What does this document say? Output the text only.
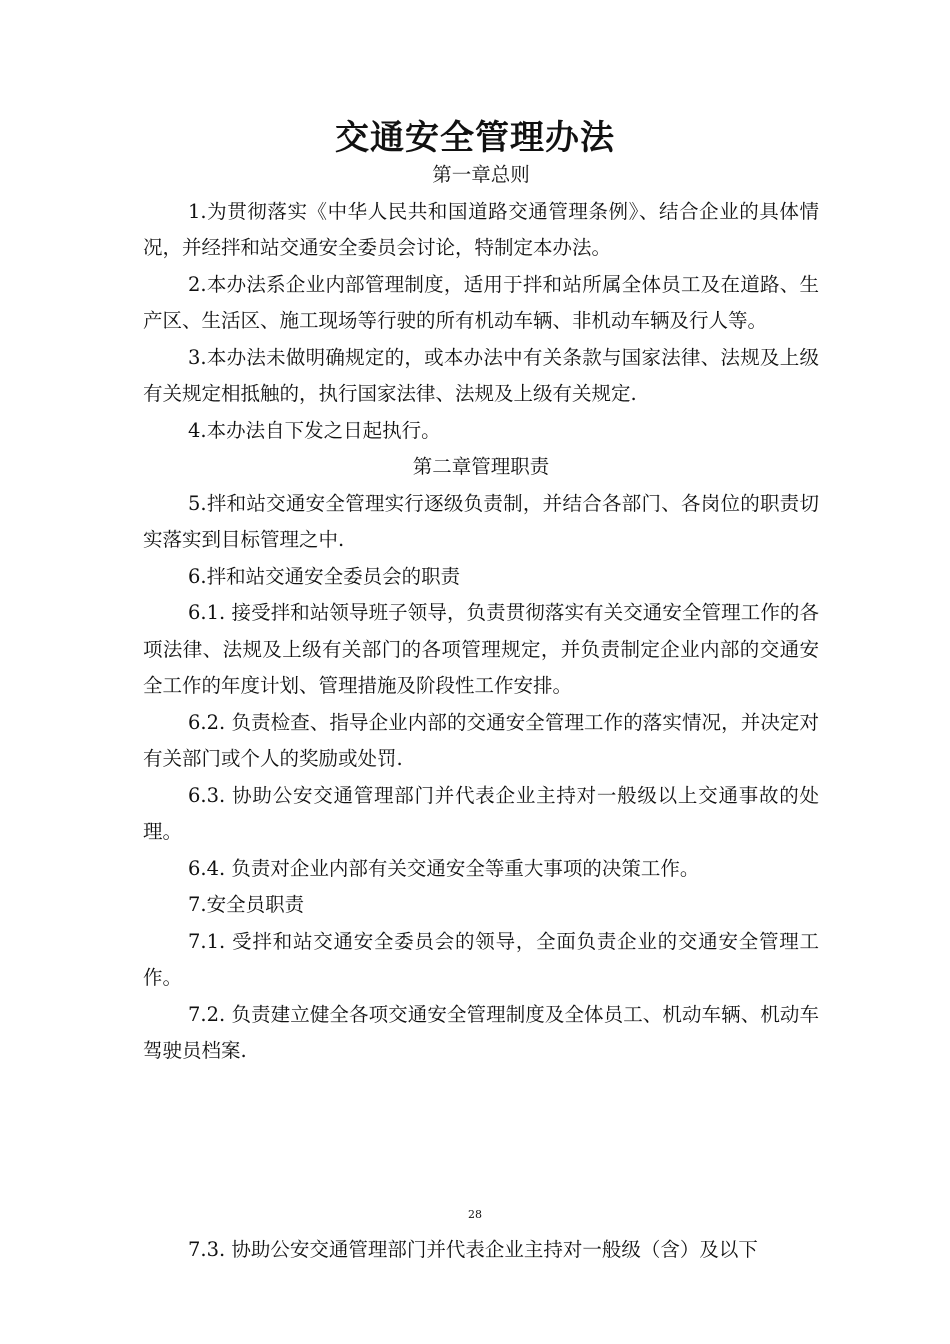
交通安全管理办法
第一章总则

1.为贯彻落实《中华人民共和国道路交通管理条例》、结合企业的具体情况，并经拌和站交通安全委员会讨论，特制定本办法。

2.本办法系企业内部管理制度，适用于拌和站所属全体员工及在道路、生产区、生活区、施工现场等行驶的所有机动车辆、非机动车辆及行人等。

3.本办法未做明确规定的，或本办法中有关条款与国家法律、法规及上级有关规定相抵触的，执行国家法律、法规及上级有关规定.

4.本办法自下发之日起执行。

第二章管理职责

5.拌和站交通安全管理实行逐级负责制，并结合各部门、各岗位的职责切实落实到目标管理之中.

6.拌和站交通安全委员会的职责

6.1. 接受拌和站领导班子领导，负责贯彻落实有关交通安全管理工作的各项法律、法规及上级有关部门的各项管理规定，并负责制定企业内部的交通安全工作的年度计划、管理措施及阶段性工作安排。

6.2. 负责检查、指导企业内部的交通安全管理工作的落实情况，并决定对有关部门或个人的奖励或处罚.

6.3. 协助公安交通管理部门并代表企业主持对一般级以上交通事故的处理。

6.4. 负责对企业内部有关交通安全等重大事项的决策工作。

7.安全员职责

7.1. 受拌和站交通安全委员会的领导，全面负责企业的交通安全管理工作。

7.2. 负责建立健全各项交通安全管理制度及全体员工、机动车辆、机动车驾驶员档案.

28
7.3. 协助公安交通管理部门并代表企业主持对一般级（含）及以下
